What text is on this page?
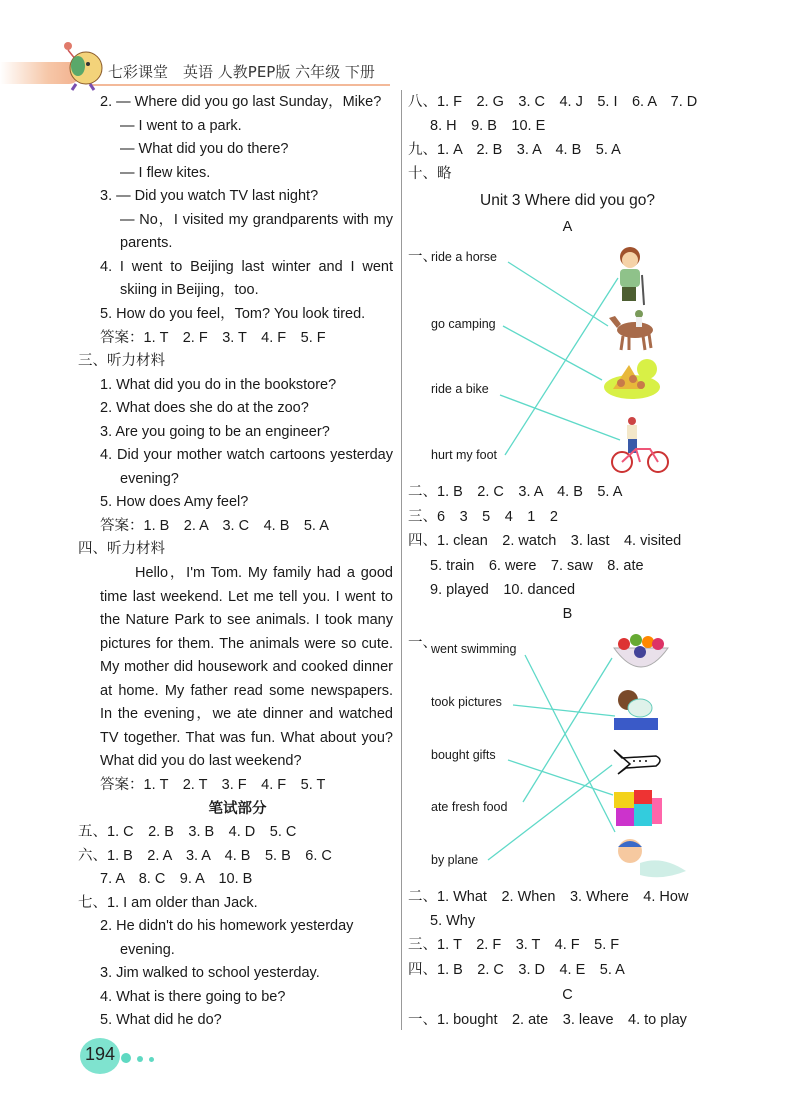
七彩课堂　英语 人教PEP版 六年级 下册
2. — Where did you go last Sunday，Mike?
— I went to a park.
— What did you do there?
— I flew kites.
3. — Did you watch TV last night?
— No，I visited my grandparents with my
parents.
4. I went to Beijing last winter and I went
skiing in Beijing，too.
5. How do you feel，Tom? You look tired.
答案：1. T　2. F　3. T　4. F　5. F
三、听力材料
1. What did you do in the bookstore?
2. What does she do at the zoo?
3. Are you going to be an engineer?
4. Did your mother watch cartoons yesterday
evening?
5. How does Amy feel?
答案：1. B　2. A　3. C　4. B　5. A
四、听力材料
Hello，I'm Tom. My family had a good
time last weekend. Let me tell you. I went to
the Nature Park to see animals. I took many
pictures for them. The animals were so cute.
My mother did housework and cooked dinner
at home. My father read some newspapers.
In the evening，we ate dinner and watched
TV together. That was fun. What about you?
What did you do last weekend?
答案：1. T　2. T　3. F　4. F　5. T
笔试部分
五、1. C　2. B　3. B　4. D　5. C
六、1. B　2. A　3. A　4. B　5. B　6. C
7. A　8. C　9. A　10. B
七、1. I am older than Jack.
2. He didn't do his homework yesterday
evening.
3. Jim walked to school yesterday.
4. What is there going to be?
5. What did he do?
Unit 3 Where did you go?
A
一、
B
一、
C
八、1. F　2. G　3. C　4. J　5. I　6. A　7. D
8. H　9. B　10. E
九、1. A　2. B　3. A　4. B　5. A
十、略
二、1. B　2. C　3. A　4. B　5. A
三、6　3　5　4　1　2
四、1. clean　2. watch　3. last　4. visited
5. train　6. were　7. saw　8. ate
9. played　10. danced
二、1. What　2. When　3. Where　4. How
5. Why
三、1. T　2. F　3. T　4. F　5. F
四、1. B　2. C　3. D　4. E　5. A
一、1. bought　2. ate　3. leave　4. to play
ride a horse
go camping
ride a bike
hurt my foot
went swimming
took pictures
bought gifts
ate fresh food
by plane
194
